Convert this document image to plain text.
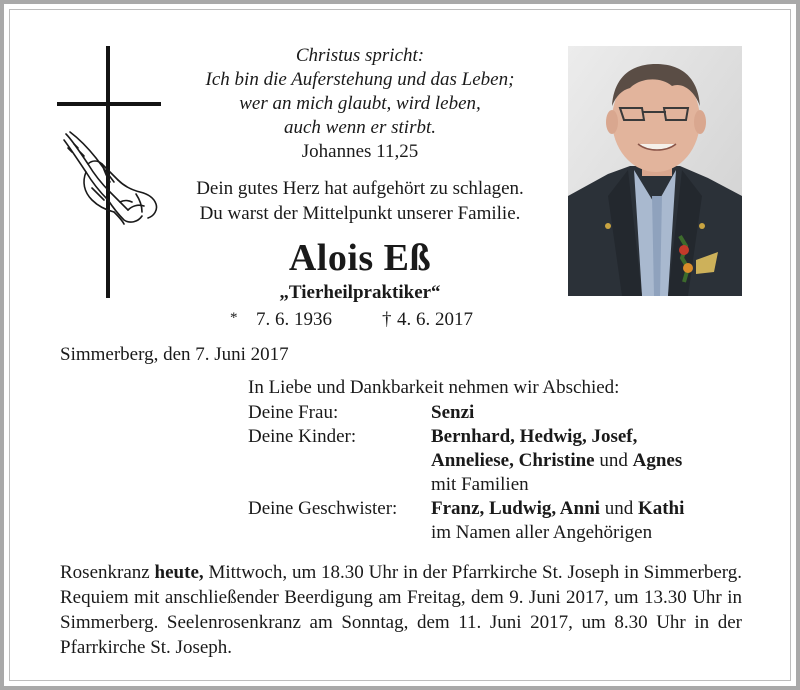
Christus spricht:
Ich bin die Auferstehung und das Leben;
wer an mich glaubt, wird leben,
auch wenn er stirbt.
Johannes 11,25
Dein gutes Herz hat aufgehört zu schlagen.
Du warst der Mittelpunkt unserer Familie.
Alois Eß
„Tierheilpraktiker“
* 7. 6. 1936	† 4. 6. 2017
Simmerberg, den 7. Juni 2017
In Liebe und Dankbarkeit nehmen wir Abschied:
Deine Frau:	Senzi
Deine Kinder:	Bernhard, Hedwig, Josef,
Anneliese, Christine und Agnes
mit Familien
Deine Geschwister: Franz, Ludwig, Anni und Kathi
im Namen aller Angehörigen
Rosenkranz heute, Mittwoch, um 18.30 Uhr in der Pfarrkirche St. Joseph in Simmerberg. Requiem mit anschließender Beerdigung am Freitag, dem 9. Juni 2017, um 13.30 Uhr in Simmerberg. Seelenrosenkranz am Sonntag, dem 11. Juni 2017, um 8.30 Uhr in der Pfarrkirche St. Joseph.
